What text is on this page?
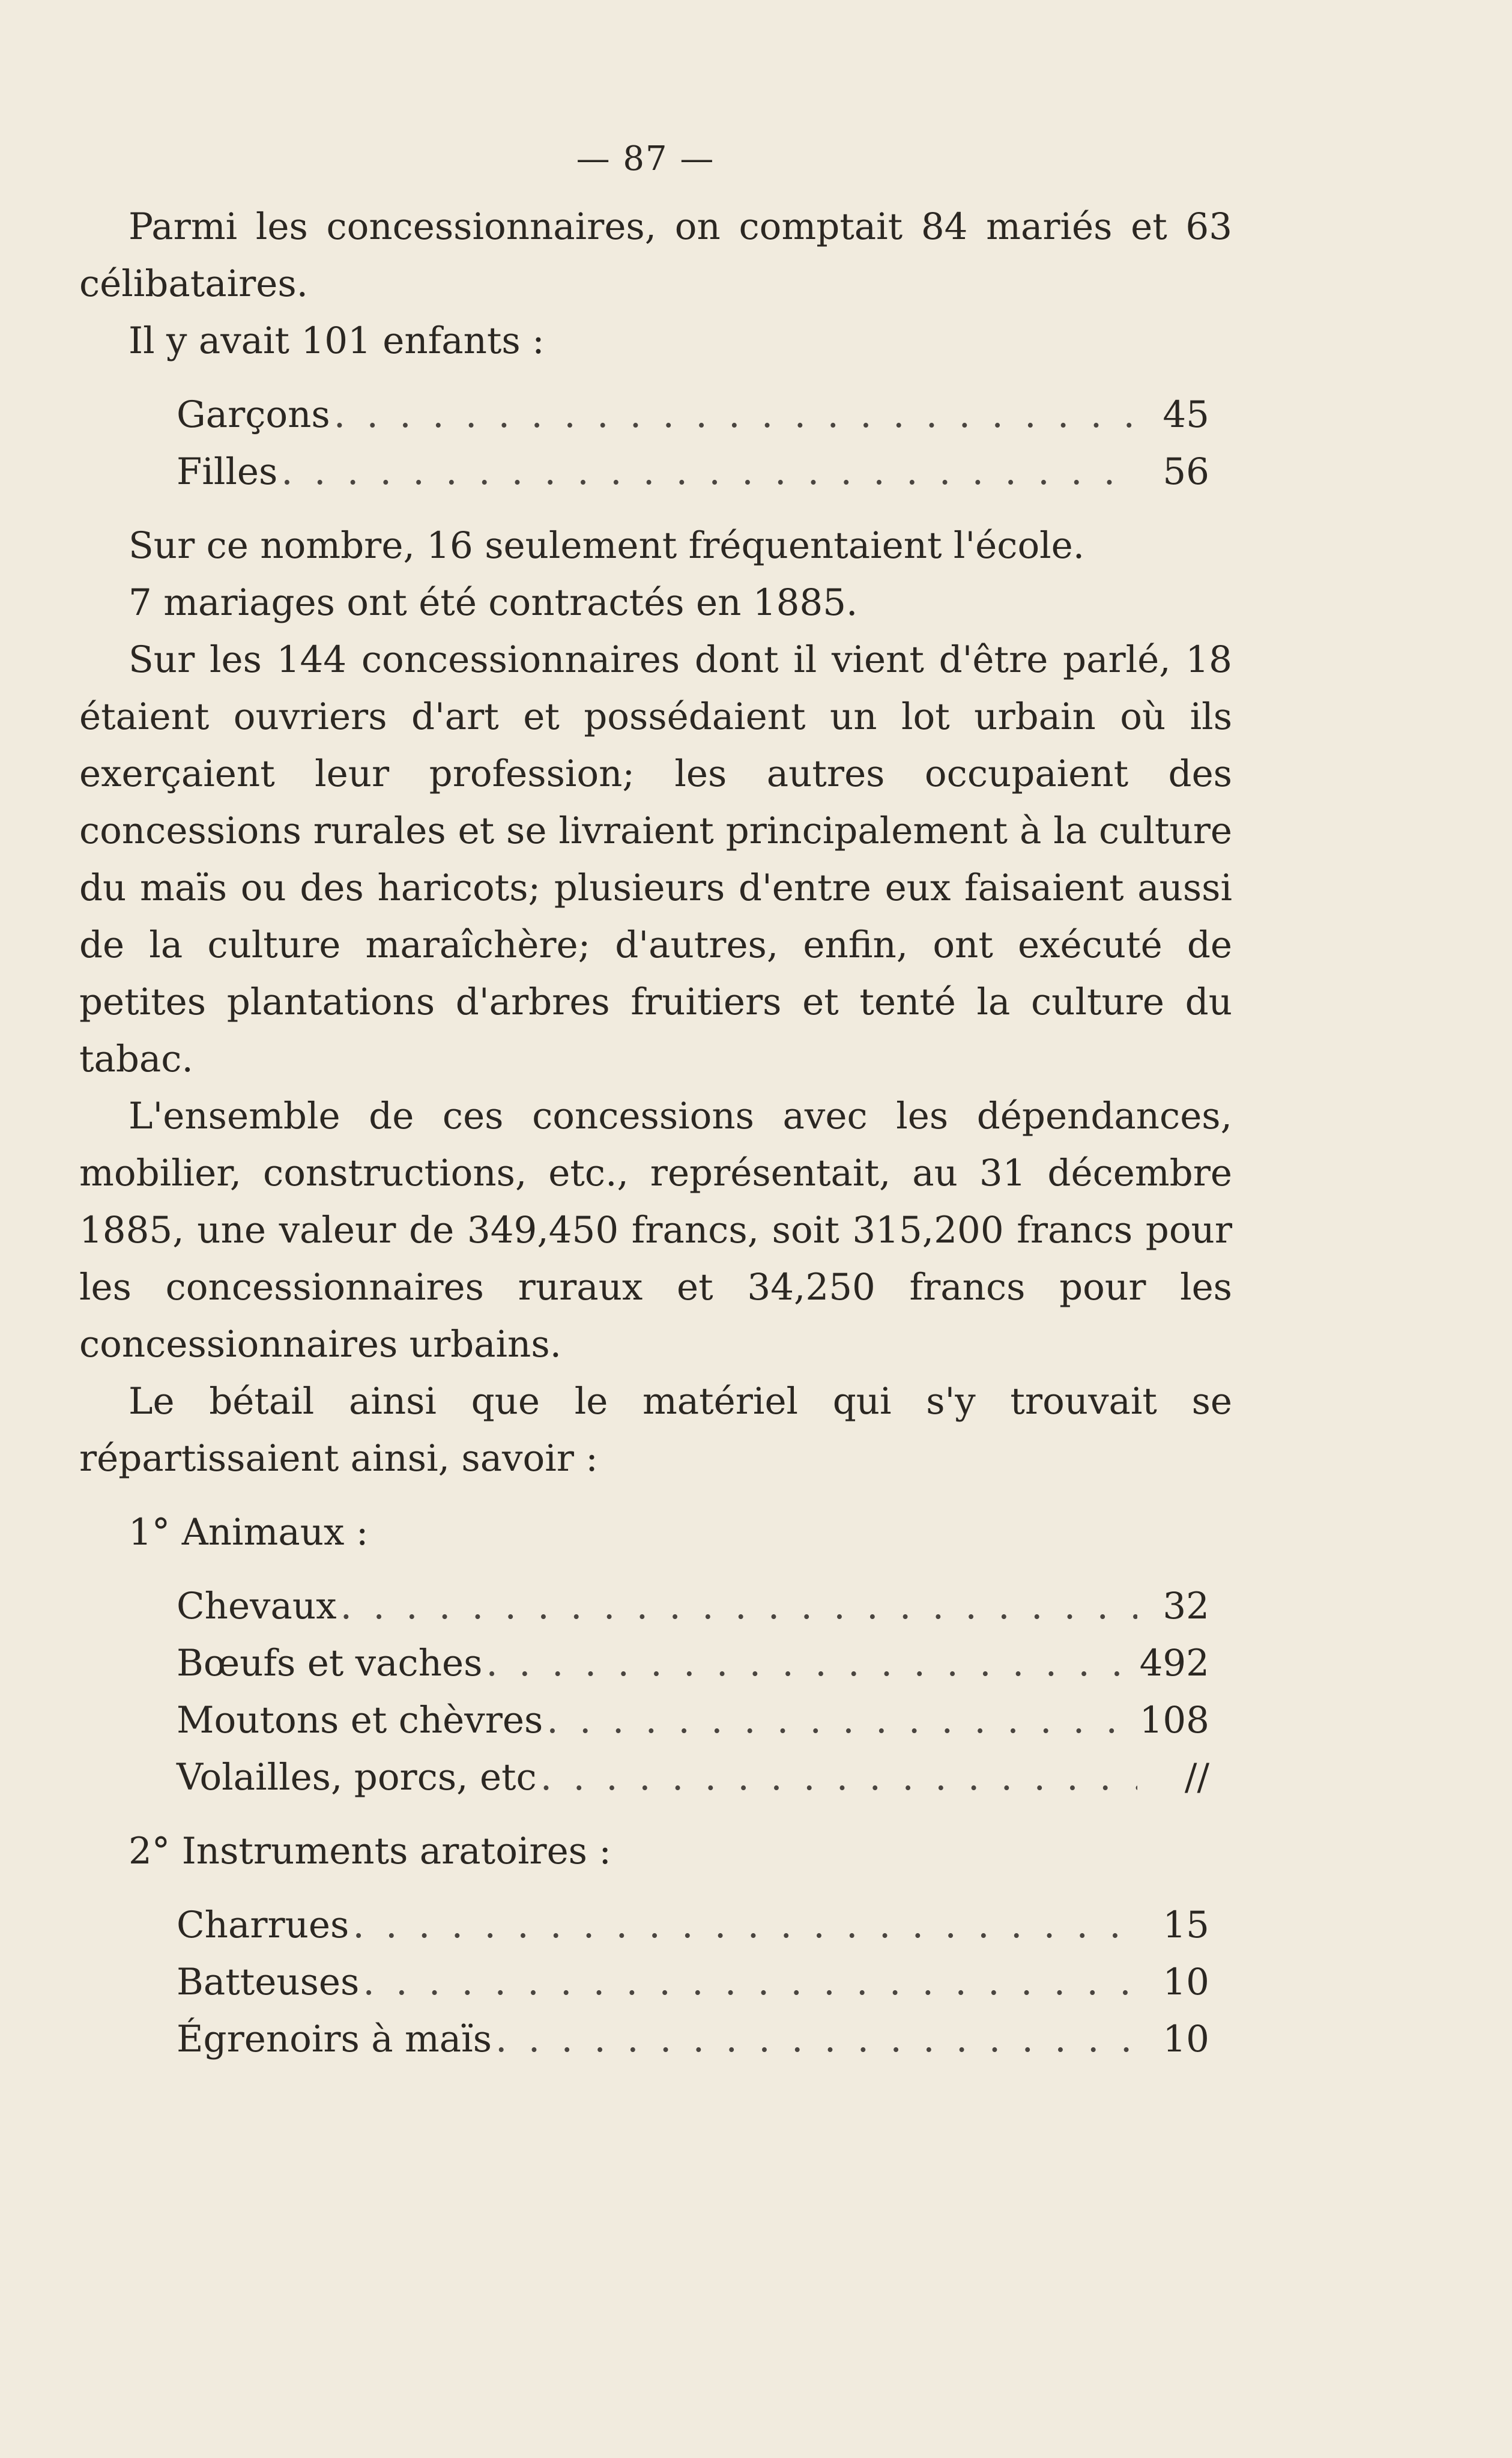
— 87 —

Parmi les concessionnaires, on comptait 84 mariés et 63 célibataires.

Il y avait 101 enfants :

Garçons . . .	45
Filles . . .	56

Sur ce nombre, 16 seulement fréquentaient l'école.

7 mariages ont été contractés en 1885.

Sur les 144 concessionnaires dont il vient d'être parlé, 18 étaient ouvriers d'art et possédaient un lot urbain où ils exerçaient leur profession; les autres occupaient des concessions rurales et se livraient principalement à la culture du maïs ou des haricots; plusieurs d'entre eux faisaient aussi de la culture maraîchère; d'autres, enfin, ont exécuté de petites plantations d'arbres fruitiers et tenté la culture du tabac.

L'ensemble de ces concessions avec les dépendances, mobilier, constructions, etc., représentait, au 31 décembre 1885, une valeur de 349,450 francs, soit 315,200 francs pour les concessionnaires ruraux et 34,250 francs pour les concessionnaires urbains.

Le bétail ainsi que le matériel qui s'y trouvait se répartissaient ainsi, savoir :

1° Animaux :

Chevaux . . .	32
Bœufs et vaches . . .	492
Moutons et chèvres . . .	108
Volailles, porcs, etc . . .	//

2° Instruments aratoires :

Charrues . . .	15
Batteuses . . .	10
Égrenoirs à maïs . . .	10
